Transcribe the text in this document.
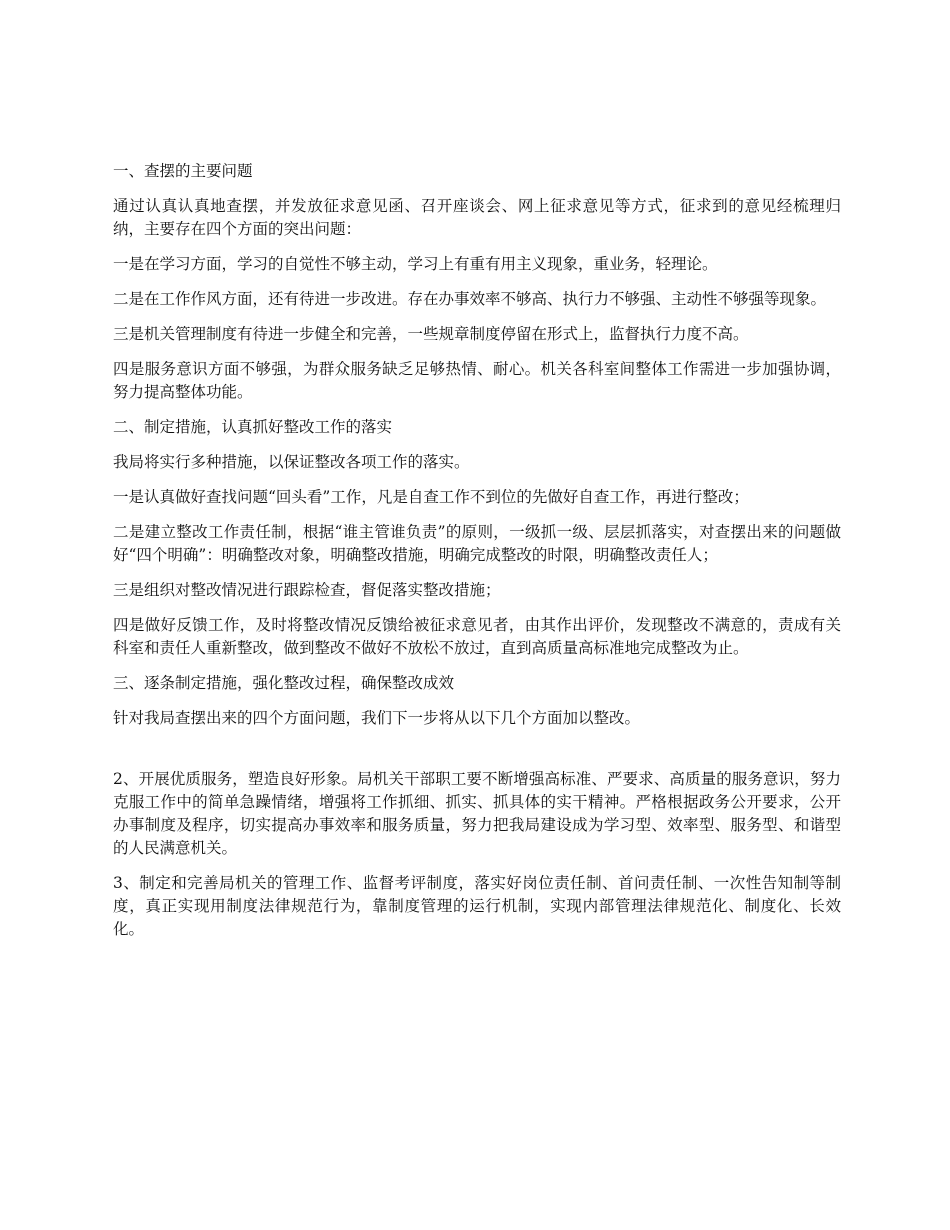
一、查摆的主要问题

通过认真认真地查摆，并发放征求意见函、召开座谈会、网上征求意见等方式，征求到的意见经梳理归纳，主要存在四个方面的突出问题：

一是在学习方面，学习的自觉性不够主动，学习上有重有用主义现象，重业务，轻理论。

二是在工作作风方面，还有待进一步改进。存在办事效率不够高、执行力不够强、主动性不够强等现象。

三是机关管理制度有待进一步健全和完善，一些规章制度停留在形式上，监督执行力度不高。

四是服务意识方面不够强，为群众服务缺乏足够热情、耐心。机关各科室间整体工作需进一步加强协调，努力提高整体功能。

二、制定措施，认真抓好整改工作的落实

我局将实行多种措施，以保证整改各项工作的落实。

一是认真做好查找问题“回头看”工作，凡是自查工作不到位的先做好自查工作，再进行整改；

二是建立整改工作责任制，根据“谁主管谁负责”的原则，一级抓一级、层层抓落实，对查摆出来的问题做好“四个明确”：明确整改对象，明确整改措施，明确完成整改的时限，明确整改责任人；

三是组织对整改情况进行跟踪检查，督促落实整改措施；

四是做好反馈工作，及时将整改情况反馈给被征求意见者，由其作出评价，发现整改不满意的，责成有关科室和责任人重新整改，做到整改不做好不放松不放过，直到高质量高标准地完成整改为止。

三、逐条制定措施，强化整改过程，确保整改成效

针对我局查摆出来的四个方面问题，我们下一步将从以下几个方面加以整改。

2、开展优质服务，塑造良好形象。局机关干部职工要不断增强高标准、严要求、高质量的服务意识，努力克服工作中的简单急躁情绪，增强将工作抓细、抓实、抓具体的实干精神。严格根据政务公开要求，公开办事制度及程序，切实提高办事效率和服务质量，努力把我局建设成为学习型、效率型、服务型、和谐型的人民满意机关。

3、制定和完善局机关的管理工作、监督考评制度，落实好岗位责任制、首问责任制、一次性告知制等制度，真正实现用制度法律规范行为，靠制度管理的运行机制，实现内部管理法律规范化、制度化、长效化。
